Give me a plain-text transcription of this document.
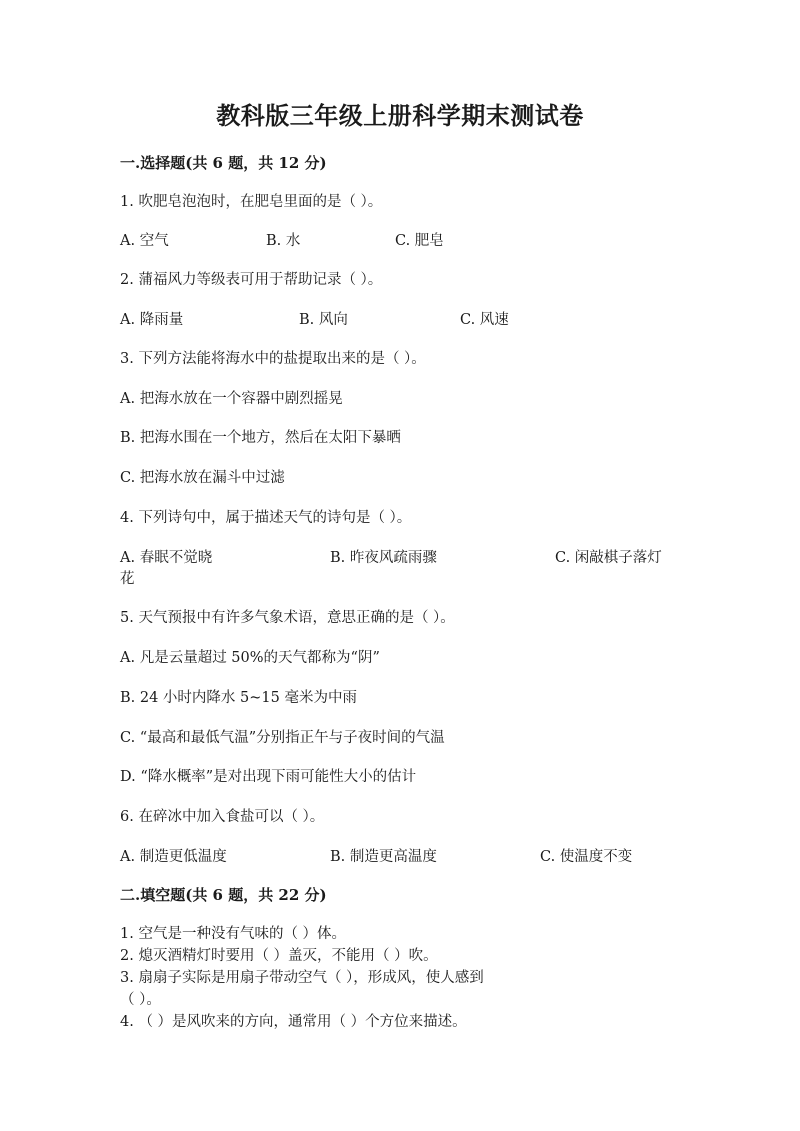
教科版三年级上册科学期末测试卷
一.选择题(共 6 题，共 12 分)
1. 吹肥皂泡泡时，在肥皂里面的是（ ）。
A. 空气	B. 水	C. 肥皂
2. 蒲福风力等级表可用于帮助记录（ ）。
A. 降雨量	B. 风向	C. 风速
3. 下列方法能将海水中的盐提取出来的是（ ）。
A. 把海水放在一个容器中剧烈摇晃
B. 把海水围在一个地方，然后在太阳下暴晒
C. 把海水放在漏斗中过滤
4. 下列诗句中，属于描述天气的诗句是（ ）。
A. 春眠不觉晓	B. 昨夜风疏雨骤	C. 闲敲棋子落灯
花
5. 天气预报中有许多气象术语，意思正确的是（ ）。
A. 凡是云量超过 50%的天气都称为“阴”
B. 24 小时内降水 5~15 毫米为中雨
C. “最高和最低气温”分别指正午与子夜时间的气温
D. “降水概率”是对出现下雨可能性大小的估计
6. 在碎冰中加入食盐可以（ ）。
A. 制造更低温度	B. 制造更高温度	C. 使温度不变
二.填空题(共 6 题，共 22 分)
1. 空气是一种没有气味的（ ）体。
2. 熄灭酒精灯时要用（ ）盖灭，不能用（ ）吹。
3. 扇扇子实际是用扇子带动空气（ ），形成风，使人感到
（ ）。
4. （ ）是风吹来的方向，通常用（ ）个方位来描述。
